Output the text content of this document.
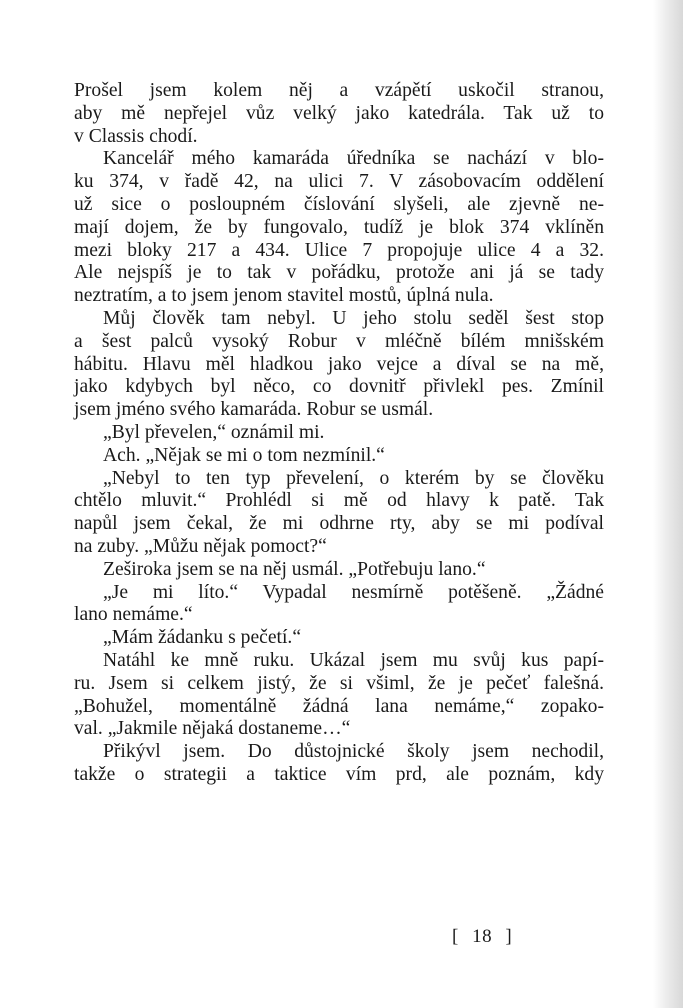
Prošel jsem kolem něj a vzápětí uskočil stranou,
aby mě nepřejel vůz velký jako katedrála. Tak už to
v Classis chodí.
Kancelář mého kamaráda úředníka se nachází v blo-
ku 374, v řadě 42, na ulici 7. V zásobovacím oddělení
už sice o posloupném číslování slyšeli, ale zjevně ne-
mají dojem, že by fungovalo, tudíž je blok 374 vklíněn
mezi bloky 217 a 434. Ulice 7 propojuje ulice 4 a 32.
Ale nejspíš je to tak v pořádku, protože ani já se tady
neztratím, a to jsem jenom stavitel mostů, úplná nula.
Můj člověk tam nebyl. U jeho stolu seděl šest stop
a šest palců vysoký Robur v mléčně bílém mnišském
hábitu. Hlavu měl hladkou jako vejce a díval se na mě,
jako kdybych byl něco, co dovnitř přivlekl pes. Zmínil
jsem jméno svého kamaráda. Robur se usmál.
„Byl převelen,“ oznámil mi.
Ach. „Nějak se mi o tom nezmínil.“
„Nebyl to ten typ převelení, o kterém by se člověku
chtělo mluvit.“ Prohlédl si mě od hlavy k patě. Tak
napůl jsem čekal, že mi odhrne rty, aby se mi podíval
na zuby. „Můžu nějak pomoct?“
Zeširoka jsem se na něj usmál. „Potřebuju lano.“
„Je mi líto.“ Vypadal nesmírně potěšeně. „Žádné
lano nemáme.“
„Mám žádanku s pečetí.“
Natáhl ke mně ruku. Ukázal jsem mu svůj kus papí-
ru. Jsem si celkem jistý, že si všiml, že je pečeť falešná.
„Bohužel, momentálně žádná lana nemáme,“ zopako-
val. „Jakmile nějaká dostaneme…“
Přikývl jsem. Do důstojnické školy jsem nechodil,
takže o strategii a taktice vím prd, ale poznám, kdy
[ 18 ]
